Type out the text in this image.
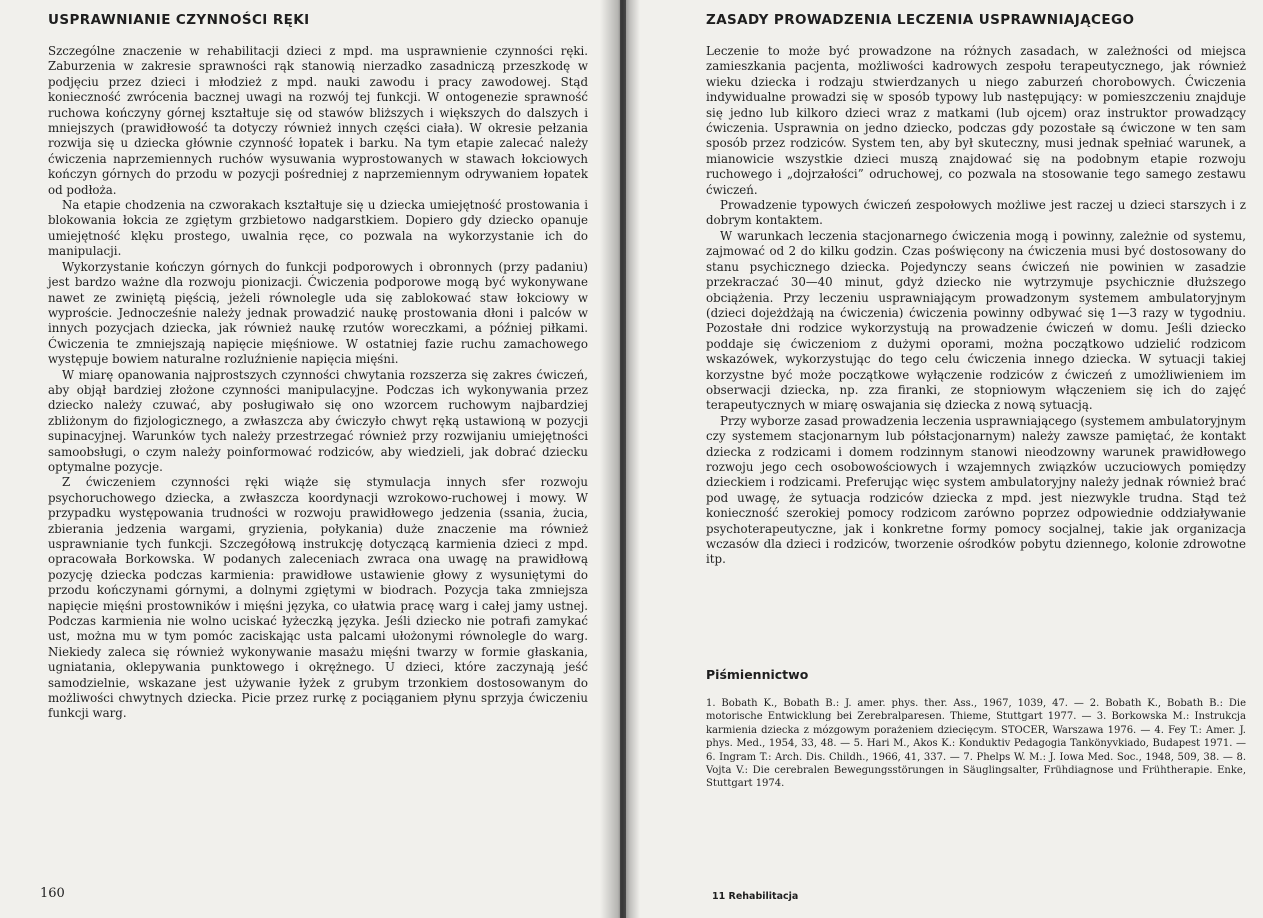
USPRAWNIANIE CZYNNOŚCI RĘKI

Szczególne znaczenie w rehabilitacji dzieci z mpd. ma usprawnienie czynności ręki. Zaburzenia w zakresie sprawności rąk stanowią nierzadko zasadniczą przeszkodę w podjęciu przez dzieci i młodzież z mpd. nauki zawodu i pracy zawodowej. Stąd konieczność zwrócenia bacznej uwagi na rozwój tej funkcji. W ontogenezie sprawność ruchowa kończyny górnej kształtuje się od stawów bliższych i większych do dalszych i mniejszych (prawidłowość ta dotyczy również innych części ciała). W okresie pełzania rozwija się u dziecka głównie czynność łopatek i barku. Na tym etapie zalecać należy ćwiczenia naprzemiennych ruchów wysuwania wyprostowanych w stawach łokciowych kończyn górnych do przodu w pozycji pośredniej z naprzemiennym odrywaniem łopatek od podłoża.

Na etapie chodzenia na czworakach kształtuje się u dziecka umiejętność prostowania i blokowania łokcia ze zgiętym grzbietowo nadgarstkiem. Dopiero gdy dziecko opanuje umiejętność klęku prostego, uwalnia ręce, co pozwala na wykorzystanie ich do manipulacji.

Wykorzystanie kończyn górnych do funkcji podporowych i obronnych (przy padaniu) jest bardzo ważne dla rozwoju pionizacji. Ćwiczenia podporowe mogą być wykonywane nawet ze zwiniętą pięścią, jeżeli równolegle uda się zablokować staw łokciowy w wyproście. Jednocześnie należy jednak prowadzić naukę prostowania dłoni i palców w innych pozycjach dziecka, jak również naukę rzutów woreczkami, a później piłkami. Ćwiczenia te zmniejszają napięcie mięśniowe. W ostatniej fazie ruchu zamachowego występuje bowiem naturalne rozluźnienie napięcia mięśni.

W miarę opanowania najprostszych czynności chwytania rozszerza się zakres ćwiczeń, aby objął bardziej złożone czynności manipulacyjne. Podczas ich wykonywania przez dziecko należy czuwać, aby posługiwało się ono wzorcem ruchowym najbardziej zbliżonym do fizjologicznego, a zwłaszcza aby ćwiczyło chwyt ręką ustawioną w pozycji supinacyjnej. Warunków tych należy przestrzegać również przy rozwijaniu umiejętności samoobsługi, o czym należy poinformować rodziców, aby wiedzieli, jak dobrać dziecku optymalne pozycje.

Z ćwiczeniem czynności ręki wiąże się stymulacja innych sfer rozwoju psychoruchowego dziecka, a zwłaszcza koordynacji wzrokowo-ruchowej i mowy. W przypadku występowania trudności w rozwoju prawidłowego jedzenia (ssania, żucia, zbierania jedzenia wargami, gryzienia, połykania) duże znaczenie ma również usprawnianie tych funkcji. Szczegółową instrukcję dotyczącą karmienia dzieci z mpd. opracowała Borkowska. W podanych zaleceniach zwraca ona uwagę na prawidłową pozycję dziecka podczas karmienia: prawidłowe ustawienie głowy z wysuniętymi do przodu kończynami górnymi, a dolnymi zgiętymi w biodrach. Pozycja taka zmniejsza napięcie mięśni prostowników i mięśni języka, co ułatwia pracę warg i całej jamy ustnej. Podczas karmienia nie wolno uciskać łyżeczką języka. Jeśli dziecko nie potrafi zamykać ust, można mu w tym pomóc zaciskając usta palcami ułożonymi równolegle do warg. Niekiedy zaleca się również wykonywanie masażu mięśni twarzy w formie głaskania, ugniatania, oklepywania punktowego i okrężnego. U dzieci, które zaczynają jeść samodzielnie, wskazane jest używanie łyżek z grubym trzonkiem dostosowanym do możliwości chwytnych dziecka. Picie przez rurkę z pociąganiem płynu sprzyja ćwiczeniu funkcji warg.

160
ZASADY PROWADZENIA LECZENIA USPRAWNIAJĄCEGO

Leczenie to może być prowadzone na różnych zasadach, w zależności od miejsca zamieszkania pacjenta, możliwości kadrowych zespołu terapeutycznego, jak również wieku dziecka i rodzaju stwierdzanych u niego zaburzeń chorobowych. Ćwiczenia indywidualne prowadzi się w sposób typowy lub następujący: w pomieszczeniu znajduje się jedno lub kilkoro dzieci wraz z matkami (lub ojcem) oraz instruktor prowadzący ćwiczenia. Usprawnia on jedno dziecko, podczas gdy pozostałe są ćwiczone w ten sam sposób przez rodziców. System ten, aby był skuteczny, musi jednak spełniać warunek, a mianowicie wszystkie dzieci muszą znajdować się na podobnym etapie rozwoju ruchowego i „dojrzałości” odruchowej, co pozwala na stosowanie tego samego zestawu ćwiczeń.

Prowadzenie typowych ćwiczeń zespołowych możliwe jest raczej u dzieci starszych i z dobrym kontaktem.

W warunkach leczenia stacjonarnego ćwiczenia mogą i powinny, zależnie od systemu, zajmować od 2 do kilku godzin. Czas poświęcony na ćwiczenia musi być dostosowany do stanu psychicznego dziecka. Pojedynczy seans ćwiczeń nie powinien w zasadzie przekraczać 30—40 minut, gdyż dziecko nie wytrzymuje psychicznie dłuższego obciążenia. Przy leczeniu usprawniającym prowadzonym systemem ambulatoryjnym (dzieci dojeżdżają na ćwiczenia) ćwiczenia powinny odbywać się 1—3 razy w tygodniu. Pozostałe dni rodzice wykorzystują na prowadzenie ćwiczeń w domu. Jeśli dziecko poddaje się ćwiczeniom z dużymi oporami, można początkowo udzielić rodzicom wskazówek, wykorzystując do tego celu ćwiczenia innego dziecka. W sytuacji takiej korzystne być może początkowe wyłączenie rodziców z ćwiczeń z umożliwieniem im obserwacji dziecka, np. zza firanki, ze stopniowym włączeniem się ich do zajęć terapeutycznych w miarę oswajania się dziecka z nową sytuacją.

Przy wyborze zasad prowadzenia leczenia usprawniającego (systemem ambulatoryjnym czy systemem stacjonarnym lub półstacjonarnym) należy zawsze pamiętać, że kontakt dziecka z rodzicami i domem rodzinnym stanowi nieodzowny warunek prawidłowego rozwoju jego cech osobowościowych i wzajemnych związków uczuciowych pomiędzy dzieckiem i rodzicami. Preferując więc system ambulatoryjny należy jednak również brać pod uwagę, że sytuacja rodziców dziecka z mpd. jest niezwykle trudna. Stąd też konieczność szerokiej pomocy rodzicom zarówno poprzez odpowiednie oddziaływanie psychoterapeutyczne, jak i konkretne formy pomocy socjalnej, takie jak organizacja wczasów dla dzieci i rodziców, tworzenie ośrodków pobytu dziennego, kolonie zdrowotne itp.

Piśmiennictwo
1. Bobath K., Bobath B.: J. amer. phys. ther. Ass., 1967, 1039, 47. — 2. Bobath K., Bobath B.: Die motorische Entwicklung bei Zerebralparesen. Thieme, Stuttgart 1977. — 3. Borkowska M.: Instrukcja karmienia dziecka z mózgowym porażeniem dziecięcym. STOCER, Warszawa 1976. — 4. Fey T.: Amer. J. phys. Med., 1954, 33, 48. — 5. Hari M., Akos K.: Konduktiv Pedagogia Tankönyvkiado, Budapest 1971. — 6. Ingram T.: Arch. Dis. Childh., 1966, 41, 337. — 7. Phelps W. M.: J. Iowa Med. Soc., 1948, 509, 38. — 8. Vojta V.: Die cerebralen Bewegungsstörungen in Säuglingsalter, Frühdiagnose und Frühtherapie. Enke, Stuttgart 1974.
11 Rehabilitacja
